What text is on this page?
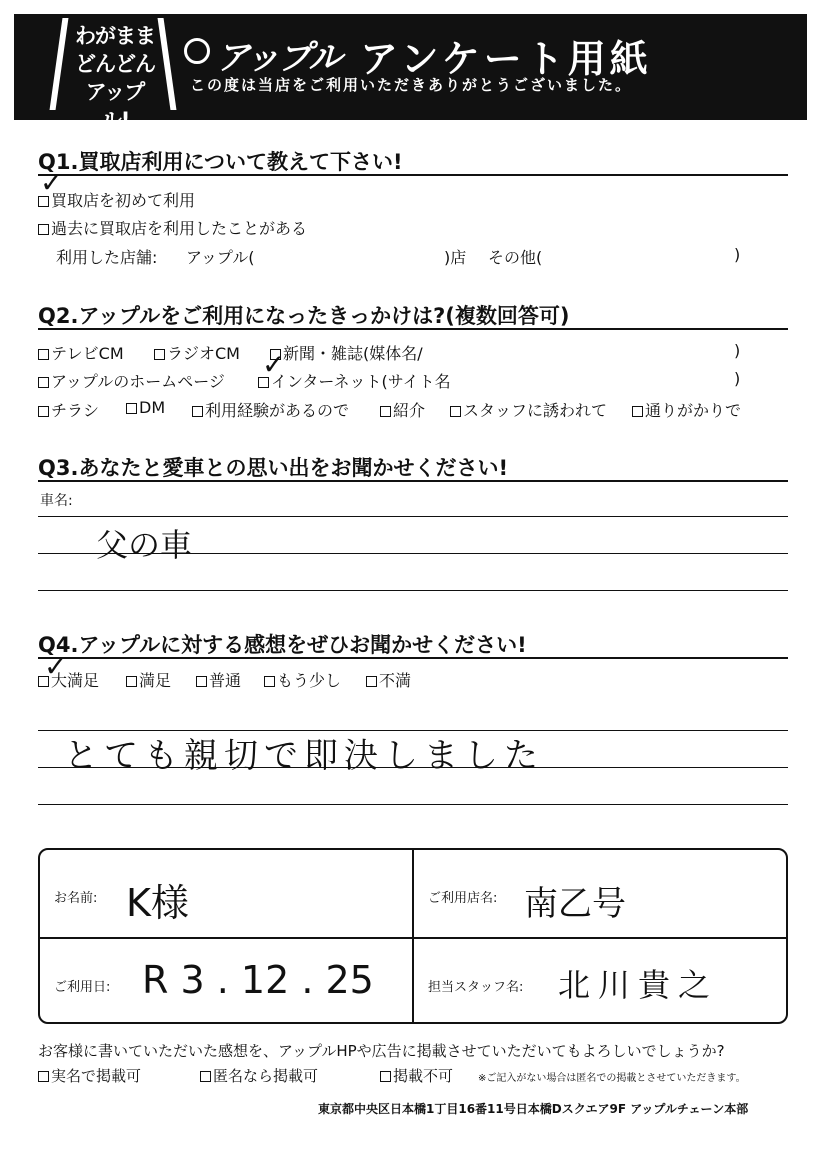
わがまま
どんどん
アップル!
アップル アンケート用紙
この度は当店をご利用いただきありがとうございました。
Q1.買取店利用について教えて下さい!
買取店を初めて利用
✓
過去に買取店を利用したことがある
利用した店舗: アップル(	)店 その他(	)
Q2.アップルをご利用になったきっかけは?(複数回答可)
テレビCM	ラジオCM	新聞・雑誌(媒体名/	)
アップルのホームページ	インターネット(サイト名
✓	)
チラシ	DM	利用経験があるので	紹介	スタッフに誘われて	通りがかりで
Q3.あなたと愛車との思い出をお聞かせください!
車名:
父の車
Q4.アップルに対する感想をぜひお聞かせください!
大満足
✓	満足	普通	もう少し	不満
とても親切で即決しました
お名前: K様	ご利用店名: 南乙号
ご利用日: R 3 . 12 . 25	担当スタッフ名: 北川貴之
お客様に書いていただいた感想を、アップルHPや広告に掲載させていただいてもよろしいでしょうか?
実名で掲載可	匿名なら掲載可	掲載不可 ※ご記入がない場合は匿名での掲載とさせていただきます。
東京都中央区日本橋1丁目16番11号日本橋Dスクエア9F アップルチェーン本部
